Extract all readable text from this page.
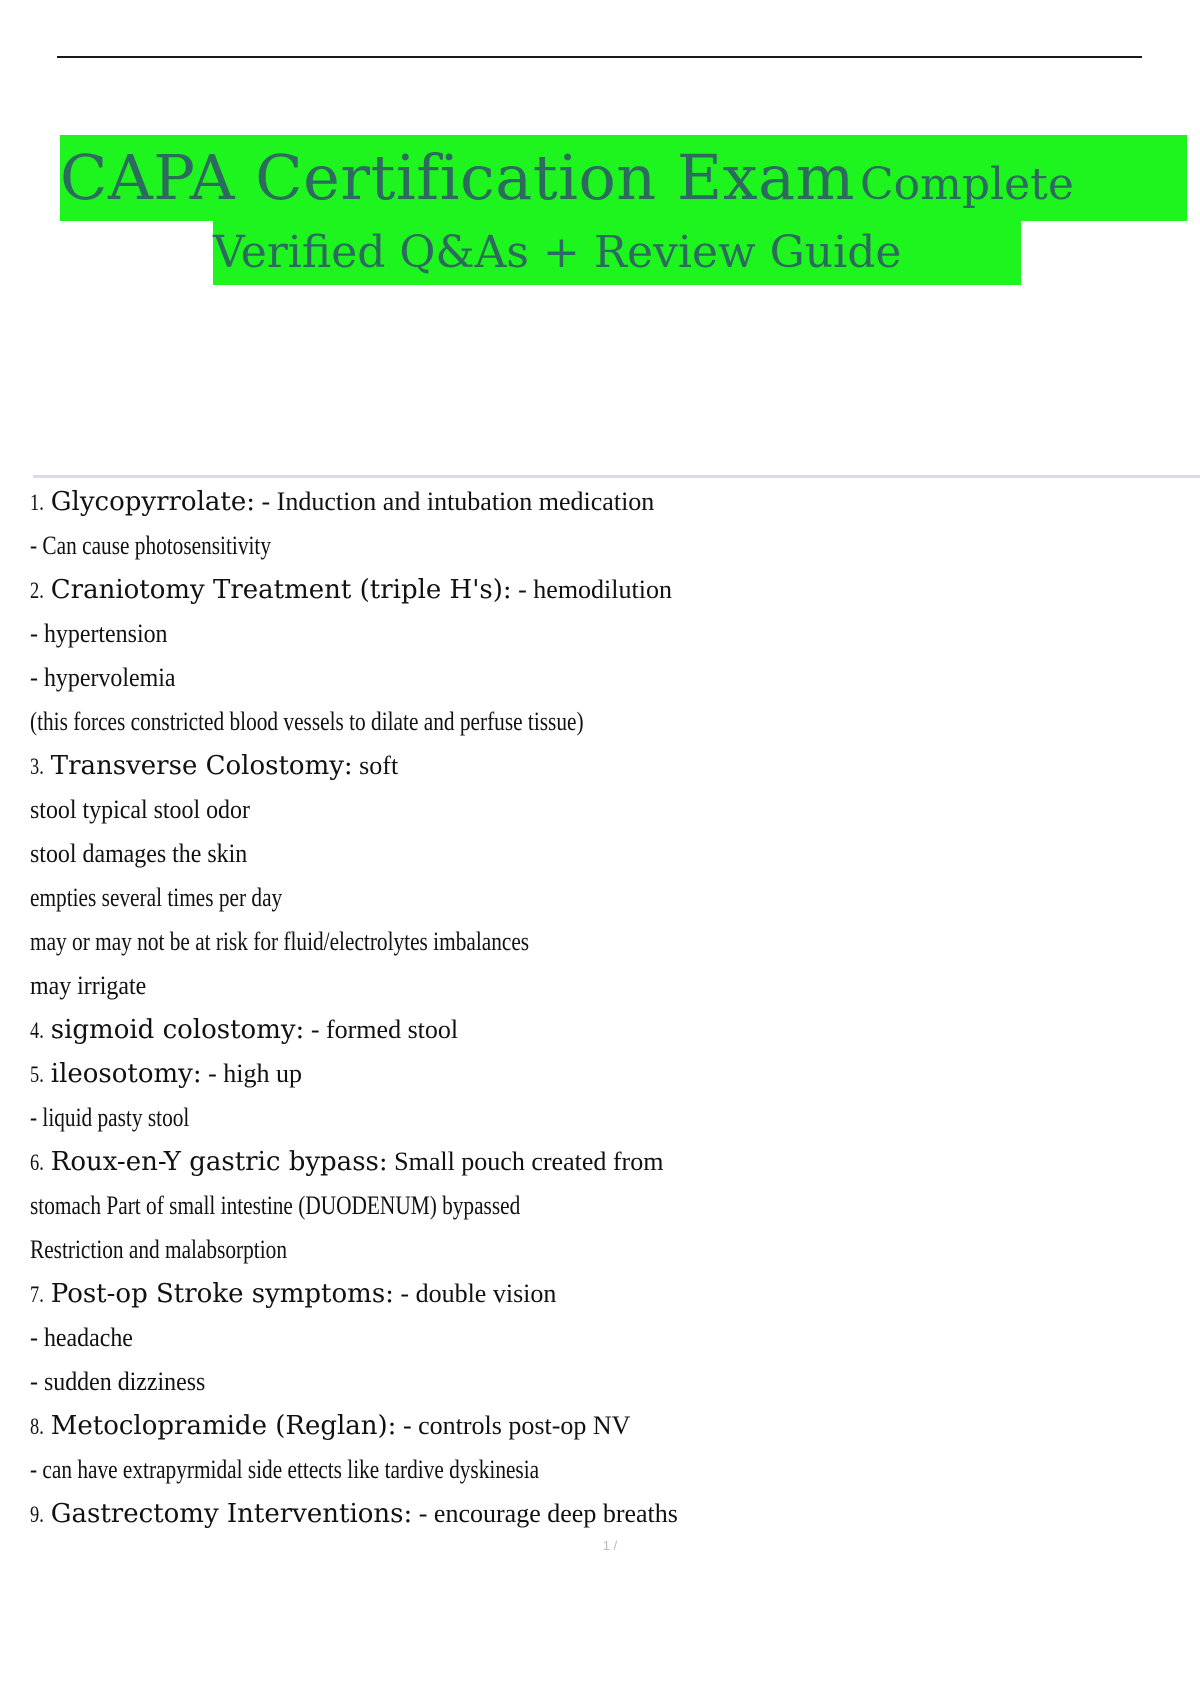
CAPA Certification Exam Complete
Verified Q&As + Review Guide
1. Glycopyrrolate: - Induction and intubation medication
- Can cause photosensitivity
2. Craniotomy Treatment (triple H's): - hemodilution
- hypertension
- hypervolemia
(this forces constricted blood vessels to dilate and perfuse tissue)
3. Transverse Colostomy: soft
stool typical stool odor
stool damages the skin
empties several times per day
may or may not be at risk for fluid/electrolytes imbalances
may irrigate
4. sigmoid colostomy: - formed stool
5. ileosotomy: - high up
- liquid pasty stool
6. Roux-en-Y gastric bypass: Small pouch created from
stomach Part of small intestine (DUODENUM) bypassed
Restriction and malabsorption
7. Post-op Stroke symptoms: - double vision
- headache
- sudden dizziness
8. Metoclopramide (Reglan): - controls post-op NV
- can have extrapyrmidal side ettects like tardive dyskinesia
9. Gastrectomy Interventions: - encourage deep breaths
1 /
